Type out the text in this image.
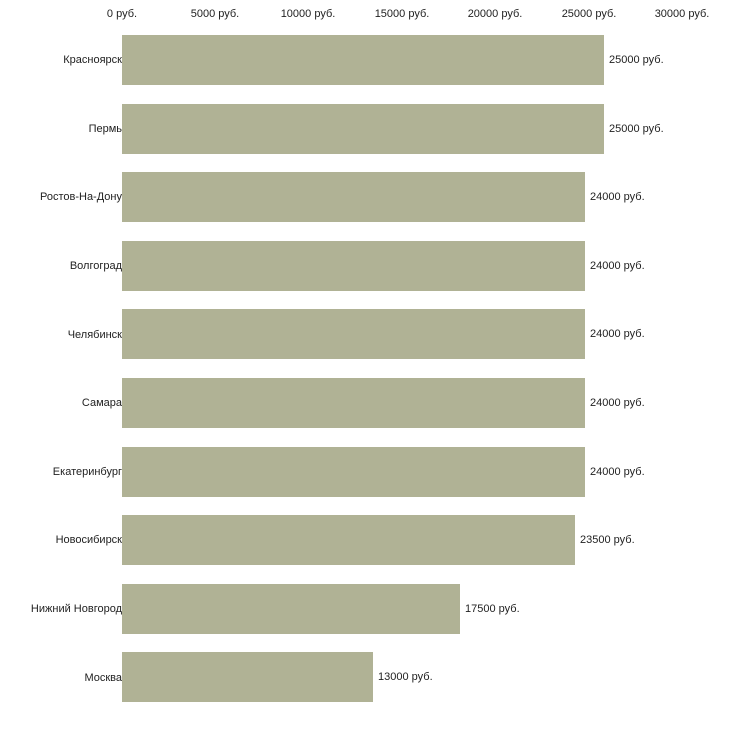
0 руб.	5000 руб.	10000 руб.	15000 руб.	20000 руб.	25000 руб.	30000 руб.
Красноярск	25000 руб.
Пермь	25000 руб.
Ростов-На-Дону	24000 руб.
Волгоград	24000 руб.
Челябинск	24000 руб.
Самара	24000 руб.
Екатеринбург	24000 руб.
Новосибирск	23500 руб.
Нижний Новгород	17500 руб.
Москва	13000 руб.
